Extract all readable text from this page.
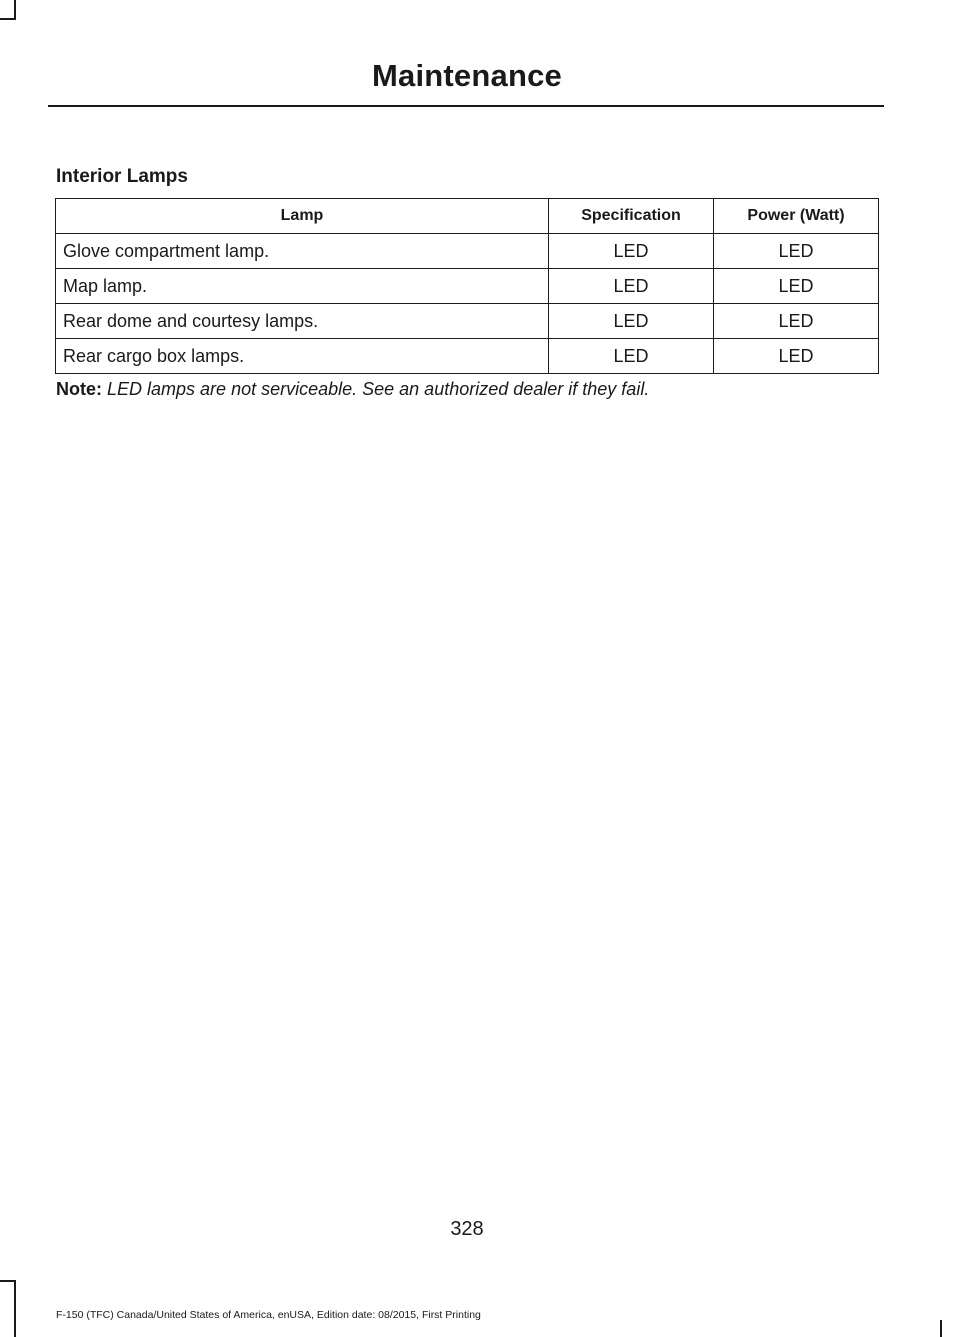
Maintenance
Interior Lamps
Lamp	Specification	Power (Watt)
Glove compartment lamp.	LED	LED
Map lamp.	LED	LED
Rear dome and courtesy lamps.	LED	LED
Rear cargo box lamps.	LED	LED
Note: LED lamps are not serviceable. See an authorized dealer if they fail.
328
F-150 (TFC) Canada/United States of America, enUSA, Edition date: 08/2015, First Printing
